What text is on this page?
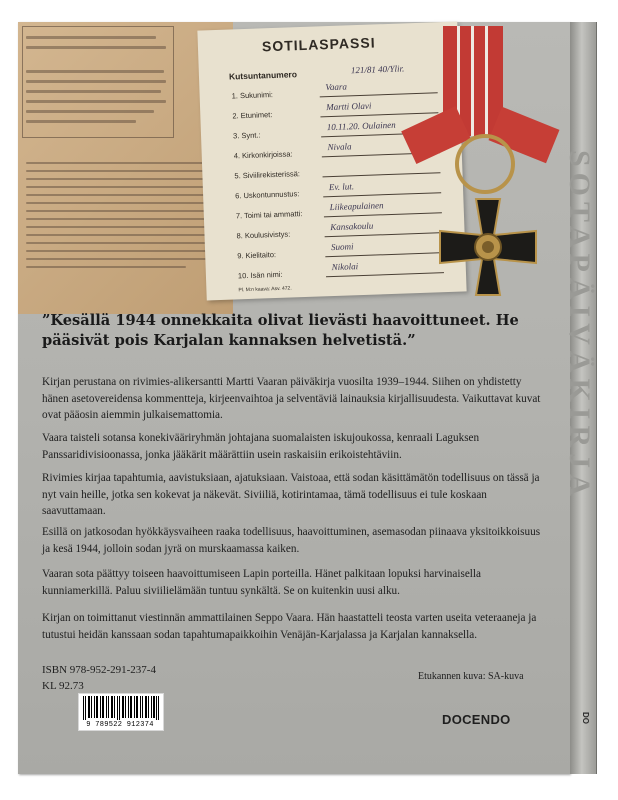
SOTILASPASSI
Kutsuntanumero	121/81 40/Ylir.
1. Sukunimi:
Vaara
2. Etunimet:
Martti Olavi
3. Synt.:
10.11.20. Oulainen
4. Kirkonkirjoissa:
Nivala
5. Siviilirekisterissä:
6. Uskontunnustus:
Ev. lut.
7. Toimi tai ammatti:
Liikeapulainen
8. Koulusivistys:
Kansakoulu
9. Kielitaito:
Suomi
10. Isän nimi:
Nikolai
Pl. M:n kaava: Asv. 472.
”Kesällä 1944 onnekkaita olivat lievästi haavoittuneet. He pääsivät pois Karjalan kannaksen helvetistä.”
Kirjan perustana on rivimies-alikersantti Martti Vaaran päiväkirja vuosilta 1939–1944. Siihen on yhdistetty hänen asetovereidensa kommentteja, kirjeenvaihtoa ja selventäviä lainauksia kirjallisuudesta. Vaikuttavat kuvat ovat pääosin aiemmin julkaisemattomia.
Vaara taisteli sotansa konekiväärіryhmän johtajana suomalaisten iskujoukossa, kenraali Laguksen Panssaridivisioonassa, jonka jääkärit määrättiin usein raskaisiin erikoistehtäviin.
Rivimies kirjaa tapahtumia, aavistuksiaan, ajatuksiaan. Vaistoaa, että sodan käsittämätön todellisuus on tässä ja nyt vain heille, jotka sen kokevat ja näkevät. Siviiliä, kotirintamaa, tämä todellisuus ei tule koskaan saavuttamaan.
Esillä on jatkosodan hyökkäysvaiheen raaka todellisuus, haavoittuminen, asemasodan piinaava yksitoikkoisuus ja kesä 1944, jolloin sodan jyrä on murskaamassa kaiken.
Vaaran sota päättyy toiseen haavoittumiseen Lapin porteilla. Hänet palkitaan lopuksi harvinaisella kunniamerkillä. Paluu siviilielämään tuntuu synkältä. Se on kuitenkin uusi alku.
Kirjan on toimittanut viestinnän ammattilainen Seppo Vaara. Hän haastatteli teosta varten useita veteraaneja ja tutustui heidän kanssaan sodan tapahtumapaikkoihin Venäjän-Karjalassa ja Karjalan kannaksella.
ISBN 978-952-291-237-4
KL 92.73
Etukannen kuva: SA-kuva
9 789522 912374	DOCENDO
SOTAPÄIVÄKIRJA
DO
